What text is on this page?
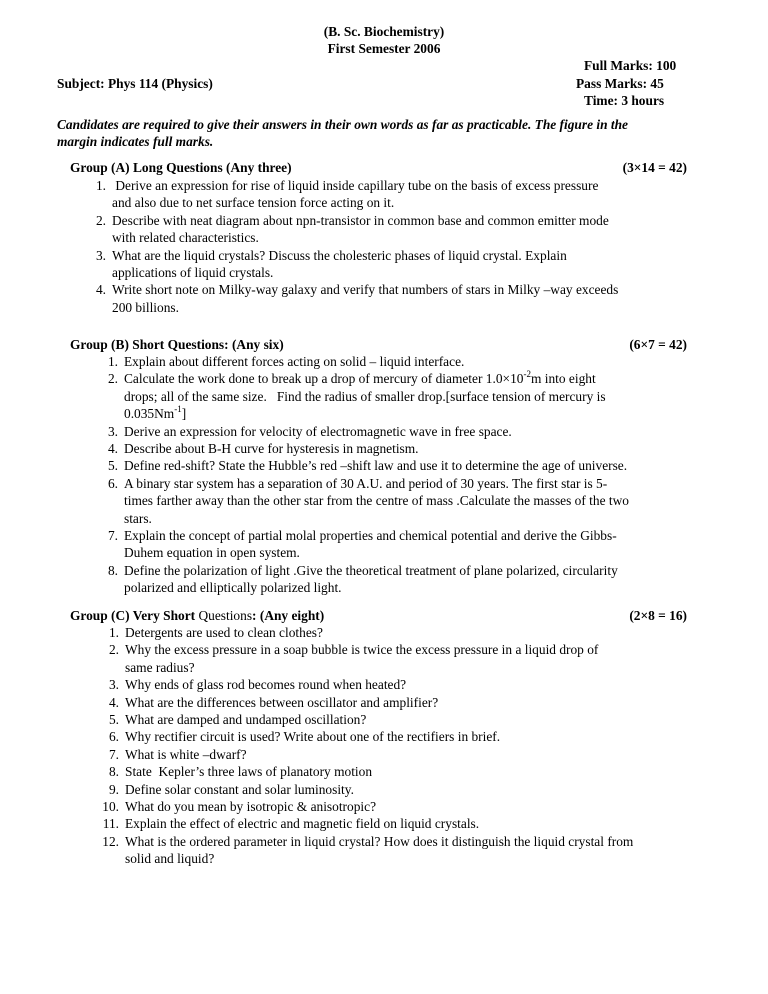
(B. Sc. Biochemistry)
First Semester 2006
Full Marks: 100
Subject: Phys 114 (Physics)	Pass Marks: 45
Time: 3 hours
Candidates are required to give their answers in their own words as far as practicable. The figure in the
margin indicates full marks.
Group (A) Long Questions (Any three)	(3×14 = 42)
1. Derive an expression for rise of liquid inside capillary tube on the basis of excess pressure
and also due to net surface tension force acting on it.
2. Describe with neat diagram about npn-transistor in common base and common emitter mode
with related characteristics.
3. What are the liquid crystals? Discuss the cholesteric phases of liquid crystal. Explain
applications of liquid crystals.
4. Write short note on Milky-way galaxy and verify that numbers of stars in Milky –way exceeds
200 billions.
Group (B) Short Questions: (Any six)	(6×7 = 42)
1. Explain about different forces acting on solid – liquid interface.
2. Calculate the work done to break up a drop of mercury of diameter $1.0\times 10^{-2}m$ into eight
drops; all of the same size.   Find the radius of smaller drop.[surface tension of mercury is
$0.035Nm^{-1}$]
3. Derive an expression for velocity of electromagnetic wave in free space.
4. Describe about B-H curve for hysteresis in magnetism.
5. Define red-shift? State the Hubble’s red –shift law and use it to determine the age of universe.
6. A binary star system has a separation of 30 A.U. and period of 30 years. The first star is 5-
times farther away than the other star from the centre of mass .Calculate the masses of the two
stars.
7. Explain the concept of partial molal properties and chemical potential and derive the Gibbs-
Duhem equation in open system.
8. Define the polarization of light .Give the theoretical treatment of plane polarized, circularity
polarized and elliptically polarized light.
Group (C) Very Short Questions: (Any eight)	(2×8 = 16)
1. Detergents are used to clean clothes?
2. Why the excess pressure in a soap bubble is twice the excess pressure in a liquid drop of
same radius?
3. Why ends of glass rod becomes round when heated?
4. What are the differences between oscillator and amplifier?
5. What are damped and undamped oscillation?
6. Why rectifier circuit is used? Write about one of the rectifiers in brief.
7. What is white –dwarf?
8. State  Kepler’s three laws of planatory motion
9. Define solar constant and solar luminosity.
10. What do you mean by isotropic & anisotropic?
11. Explain the effect of electric and magnetic field on liquid crystals.
12. What is the ordered parameter in liquid crystal? How does it distinguish the liquid crystal from
solid and liquid?
